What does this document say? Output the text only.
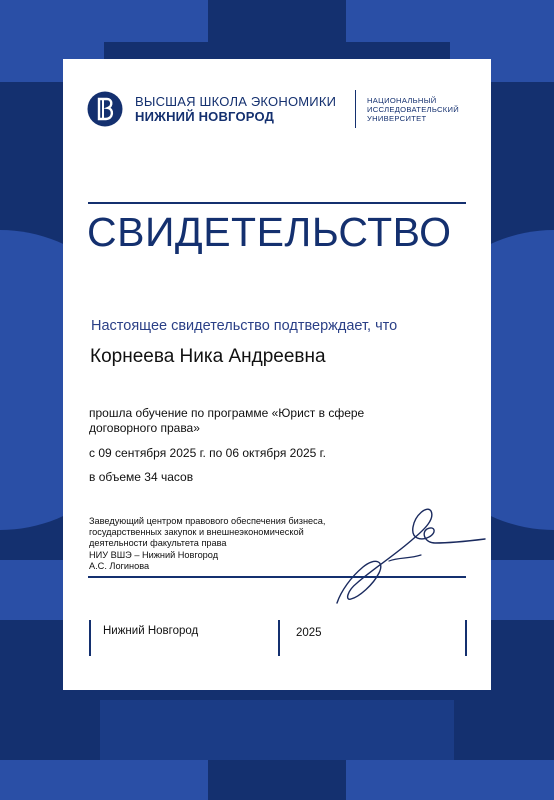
ВЫСШАЯ ШКОЛА ЭКОНОМИКИ
НИЖНИЙ НОВГОРОД
НАЦИОНАЛЬНЫЙ
ИССЛЕДОВАТЕЛЬСКИЙ
УНИВЕРСИТЕТ
СВИДЕТЕЛЬСТВО
Настоящее свидетельство подтверждает, что
Корнеева Ника Андреевна
прошла обучение по программе «Юрист в сфере договорного права»
с 09 сентября 2025 г. по 06 октября 2025 г.
в объеме 34 часов
Заведующий центром правового обеспечения бизнеса,
государственных закупок и внешнеэкономической
деятельности факультета права
НИУ ВШЭ – Нижний Новгород
А.С. Логинова
Нижний Новгород	2025
